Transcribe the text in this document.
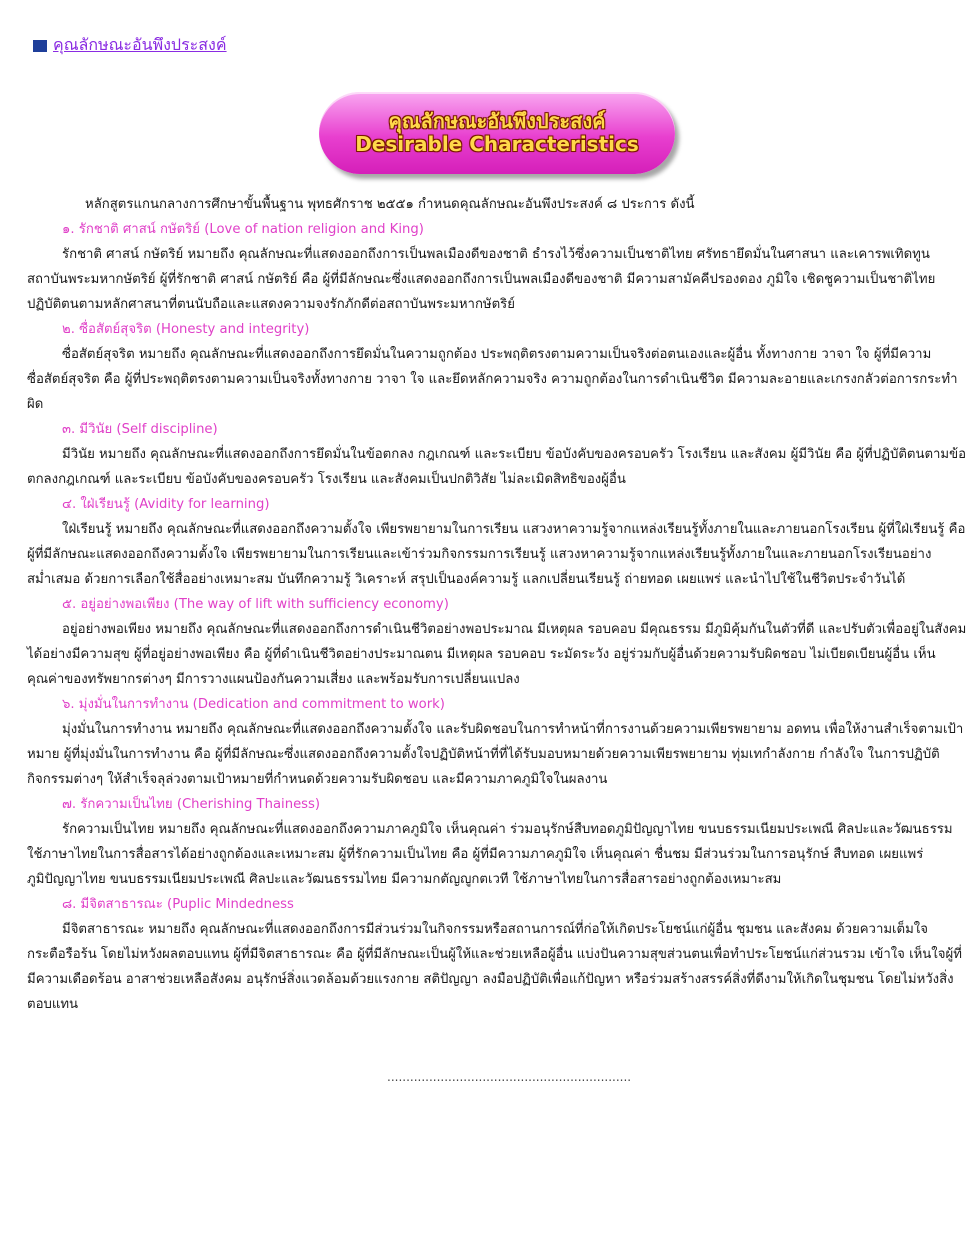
คุณลักษณะอันพึงประสงค์
คุณลักษณะอันพึงประสงค์
Desirable Characteristics

หลักสูตรแกนกลางการศึกษาขั้นพื้นฐาน พุทธศักราช ๒๕๕๑ กำหนดคุณลักษณะอันพึงประสงค์ ๘ ประการ ดังนี้

๑. รักชาติ ศาสน์ กษัตริย์ (Love of nation religion and King)

รักชาติ ศาสน์ กษัตริย์ หมายถึง คุณลักษณะที่แสดงออกถึงการเป็นพลเมืองดีของชาติ ธำรงไว้ซึ่งความเป็นชาติไทย ศรัทธายึดมั่นในศาสนา และเคารพเทิดทูนสถาบันพระมหากษัตริย์ ผู้ที่รักชาติ ศาสน์ กษัตริย์ คือ ผู้ที่มีลักษณะซึ่งแสดงออกถึงการเป็นพลเมืองดีของชาติ มีความสามัคคีปรองดอง ภูมิใจ เชิดชูความเป็นชาติไทย ปฏิบัติตนตามหลักศาสนาที่ตนนับถือและแสดงความจงรักภักดีต่อสถาบันพระมหากษัตริย์

๒. ซื่อสัตย์สุจริต (Honesty and integrity)

ซื่อสัตย์สุจริต หมายถึง คุณลักษณะที่แสดงออกถึงการยึดมั่นในความถูกต้อง ประพฤติตรงตามความเป็นจริงต่อตนเองและผู้อื่น ทั้งทางกาย วาจา ใจ ผู้ที่มีความซื่อสัตย์สุจริต คือ ผู้ที่ประพฤติตรงตามความเป็นจริงทั้งทางกาย วาจา ใจ และยึดหลักความจริง ความถูกต้องในการดำเนินชีวิต มีความละอายและเกรงกลัวต่อการกระทำผิด

๓. มีวินัย (Self discipline)

มีวินัย หมายถึง คุณลักษณะที่แสดงออกถึงการยึดมั่นในข้อตกลง กฎเกณฑ์ และระเบียบ ข้อบังคับของครอบครัว โรงเรียน และสังคม ผู้มีวินัย คือ ผู้ที่ปฏิบัติตนตามข้อตกลงกฎเกณฑ์ และระเบียบ ข้อบังคับของครอบครัว โรงเรียน และสังคมเป็นปกติวิสัย ไม่ละเมิดสิทธิของผู้อื่น

๔. ใฝ่เรียนรู้ (Avidity for learning)

ใฝ่เรียนรู้ หมายถึง คุณลักษณะที่แสดงออกถึงความตั้งใจ เพียรพยายามในการเรียน แสวงหาความรู้จากแหล่งเรียนรู้ทั้งภายในและภายนอกโรงเรียน ผู้ที่ใฝ่เรียนรู้ คือ ผู้ที่มีลักษณะแสดงออกถึงความตั้งใจ เพียรพยายามในการเรียนและเข้าร่วมกิจกรรมการเรียนรู้ แสวงหาความรู้จากแหล่งเรียนรู้ทั้งภายในและภายนอกโรงเรียนอย่างสม่ำเสมอ ด้วยการเลือกใช้สื่ออย่างเหมาะสม บันทึกความรู้ วิเคราะห์ สรุปเป็นองค์ความรู้ แลกเปลี่ยนเรียนรู้ ถ่ายทอด เผยแพร่ และนำไปใช้ในชีวิตประจำวันได้

๕. อยู่อย่างพอเพียง (The way of lift with sufficiency economy)

อยู่อย่างพอเพียง หมายถึง คุณลักษณะที่แสดงออกถึงการดำเนินชีวิตอย่างพอประมาณ มีเหตุผล รอบคอบ มีคุณธรรม มีภูมิคุ้มกันในตัวที่ดี และปรับตัวเพื่ออยู่ในสังคมได้อย่างมีความสุข ผู้ที่อยู่อย่างพอเพียง คือ ผู้ที่ดำเนินชีวิตอย่างประมาณตน มีเหตุผล รอบคอบ ระมัดระวัง อยู่ร่วมกับผู้อื่นด้วยความรับผิดชอบ ไม่เบียดเบียนผู้อื่น เห็นคุณค่าของทรัพยากรต่างๆ มีการวางแผนป้องกันความเสี่ยง และพร้อมรับการเปลี่ยนแปลง

๖. มุ่งมั่นในการทำงาน (Dedication and commitment to work)

มุ่งมั่นในการทำงาน หมายถึง คุณลักษณะที่แสดงออกถึงความตั้งใจ และรับผิดชอบในการทำหน้าที่การงานด้วยความเพียรพยายาม อดทน เพื่อให้งานสำเร็จตามเป้าหมาย ผู้ที่มุ่งมั่นในการทำงาน คือ ผู้ที่มีลักษณะซึ่งแสดงออกถึงความตั้งใจปฏิบัติหน้าที่ที่ได้รับมอบหมายด้วยความเพียรพยายาม ทุ่มเทกำลังกาย กำลังใจ ในการปฏิบัติกิจกรรมต่างๆ ให้สำเร็จลุล่วงตามเป้าหมายที่กำหนดด้วยความรับผิดชอบ และมีความภาคภูมิใจในผลงาน

๗. รักความเป็นไทย (Cherishing Thainess)

รักความเป็นไทย หมายถึง คุณลักษณะที่แสดงออกถึงความภาคภูมิใจ เห็นคุณค่า ร่วมอนุรักษ์สืบทอดภูมิปัญญาไทย ขนบธรรมเนียมประเพณี ศิลปะและวัฒนธรรม ใช้ภาษาไทยในการสื่อสารได้อย่างถูกต้องและเหมาะสม ผู้ที่รักความเป็นไทย คือ ผู้ที่มีความภาคภูมิใจ เห็นคุณค่า ชื่นชม มีส่วนร่วมในการอนุรักษ์ สืบทอด เผยแพร่ภูมิปัญญาไทย ขนบธรรมเนียมประเพณี ศิลปะและวัฒนธรรมไทย มีความกตัญญูกตเวที ใช้ภาษาไทยในการสื่อสารอย่างถูกต้องเหมาะสม

๘. มีจิตสาธารณะ (Puplic Mindedness

มีจิตสาธารณะ หมายถึง คุณลักษณะที่แสดงออกถึงการมีส่วนร่วมในกิจกรรมหรือสถานการณ์ที่ก่อให้เกิดประโยชน์แก่ผู้อื่น ชุมชน และสังคม ด้วยความเต็มใจ กระตือรือร้น โดยไม่หวังผลตอบแทน ผู้ที่มีจิตสาธารณะ คือ ผู้ที่มีลักษณะเป็นผู้ให้และช่วยเหลือผู้อื่น แบ่งปันความสุขส่วนตนเพื่อทำประโยชน์แก่ส่วนรวม เข้าใจ เห็นใจผู้ที่มีความเดือดร้อน อาสาช่วยเหลือสังคม อนุรักษ์สิ่งแวดล้อมด้วยแรงกาย สติปัญญา ลงมือปฏิบัติเพื่อแก้ปัญหา หรือร่วมสร้างสรรค์สิ่งที่ดีงามให้เกิดในชุมชน โดยไม่หวังสิ่งตอบแทน

................................................................
